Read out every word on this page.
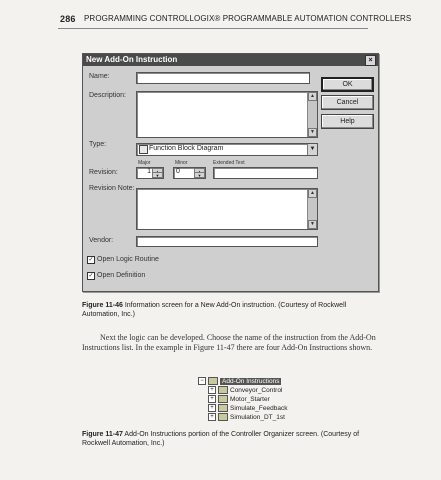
286 PROGRAMMING CONTROLLOGIX® PROGRAMMABLE AUTOMATION CONTROLLERS
New Add-On Instruction	×
Name:
OK
Cancel
Help
Description:	▲
▼
Type:
Function Block Diagram	▼
Major	Minor	Extended Text
Revision:	1
▼
0
▼
Revision Note:
▲
▼
Vendor:
✓ Open Logic Routine
✓ Open Definition
Figure 11-46 Information screen for a New Add-On instruction. (Courtesy of Rockwell Automation, Inc.)
Next the logic can be developed. Choose the name of the instruction from the Add-On Instructions list. In the example in Figure 11-47 there are four Add-On Instructions shown.
−	Add-On Instructions
+	Conveyor_Control
+	Motor_Starter
+	Simulate_Feedback
+	Simulation_DT_1st
Figure 11-47 Add-On Instructions portion of the Controller Organizer screen. (Courtesy of Rockwell Automation, Inc.)
